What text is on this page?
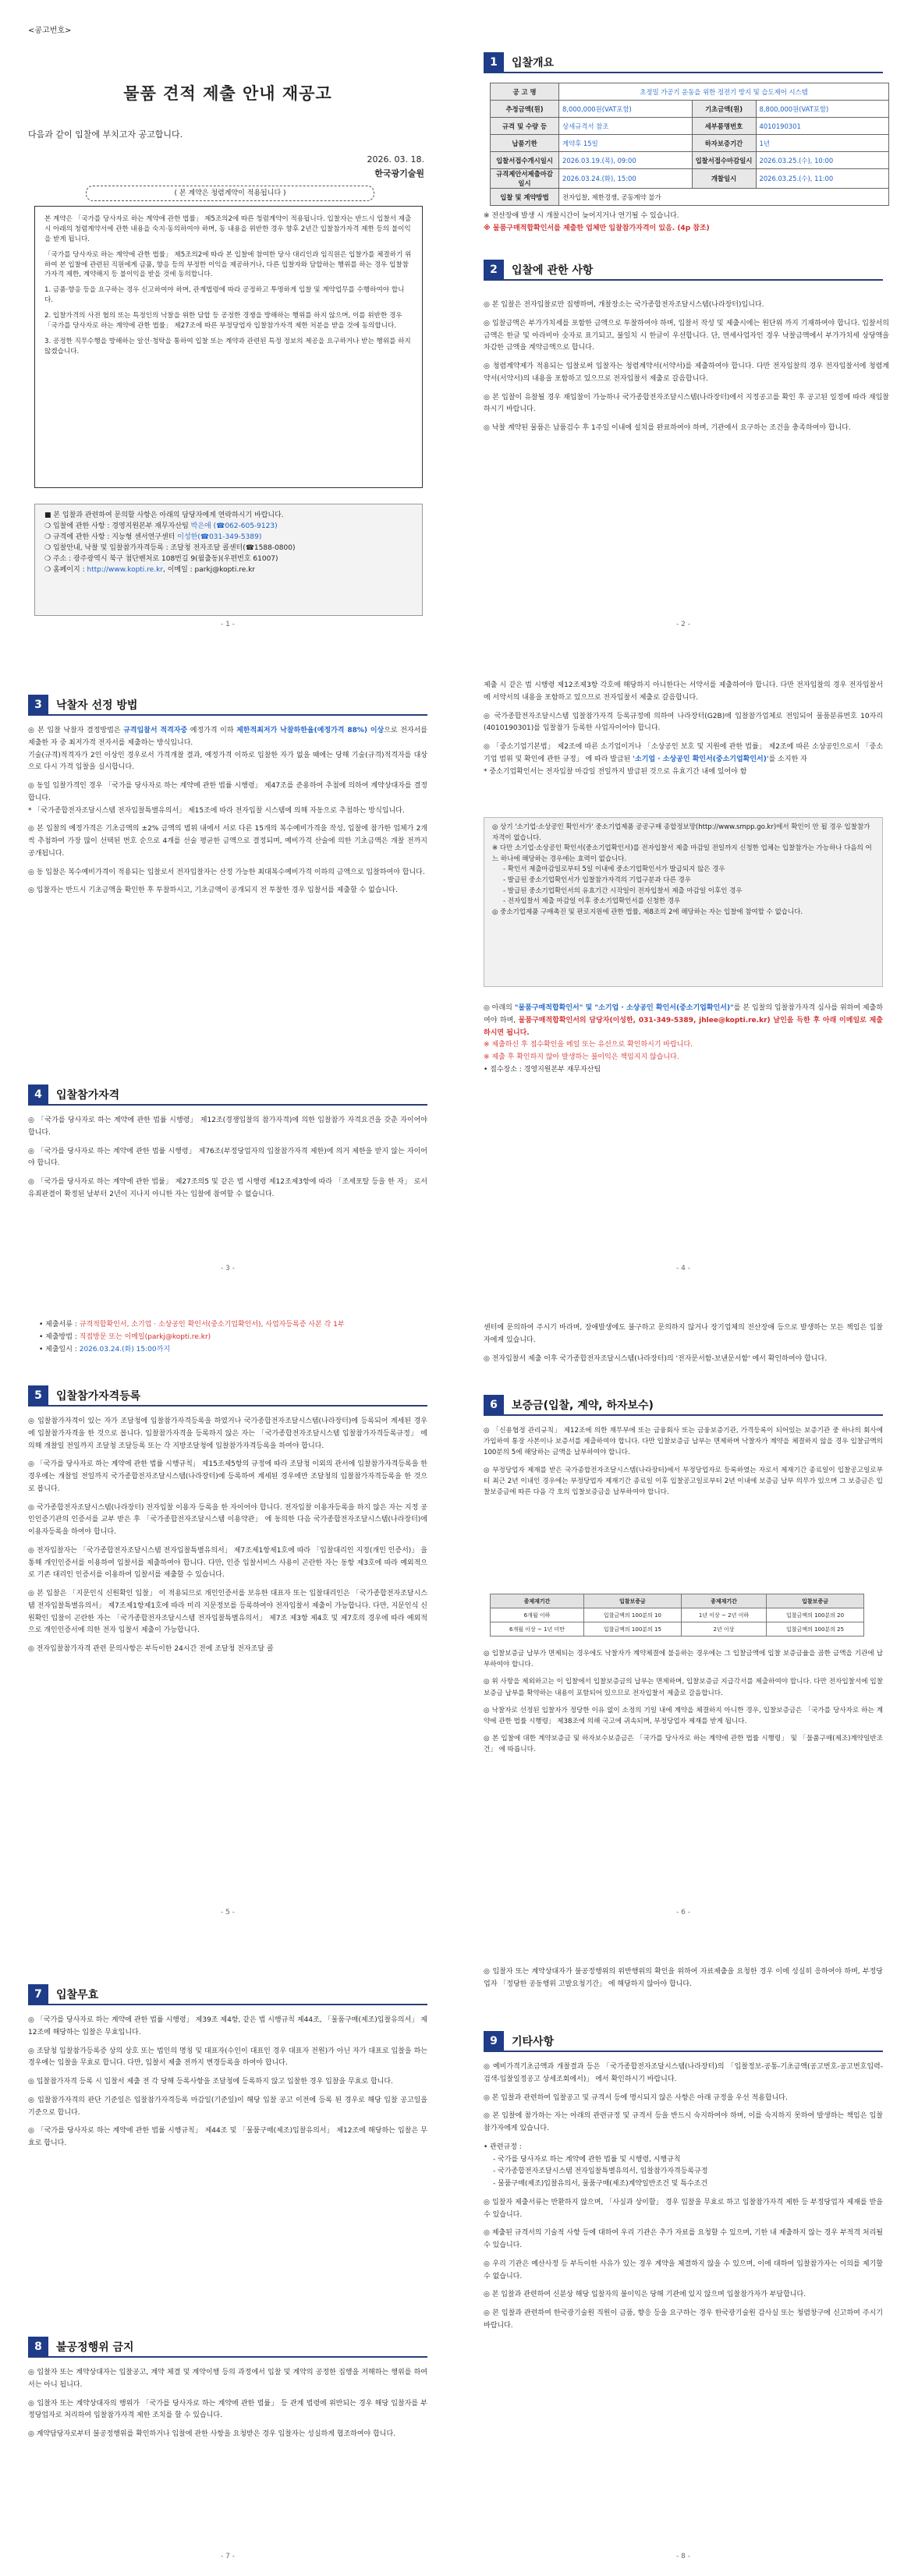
<공고번호>
물품 견적 제출 안내 재공고
다음과 같이 입찰에 부치고자 공고합니다.
2026. 03. 18.
한국광기술원
( 본 계약은 청렴계약이 적용됩니다 )

본 계약은 「국가를 당사자로 하는 계약에 관한 법률」 제5조의2에 따른 청렴계약이 적용됩니다. 입찰자는 반드시 입찰서 제출시 아래의 청렴계약서에 관한 내용을 숙지·동의하여야 하며, 동 내용을 위반한 경우 향후 2년간 입찰참가자격 제한 등의 불이익을 받게 됩니다.

「국가를 당사자로 하는 계약에 관한 법률」 제5조의2에 따라 본 입찰에 참여한 당사 대리인과 임직원은 입찰가를 체결하기 위하여 본 입찰에 관련된 직원에게 금품, 향응 등의 부정한 이익을 제공하거나, 다른 입찰자와 담합하는 행위를 하는 경우 입찰참가자격 제한, 계약해지 등 불이익을 받을 것에 동의합니다.

1. 금품·향응 등을 요구하는 경우 신고하여야 하며, 관계법령에 따라 공정하고 투명하게 입찰 및 계약업무를 수행하여야 합니다.

2. 입찰가격의 사전 협의 또는 특정인의 낙찰을 위한 담합 등 공정한 경쟁을 방해하는 행위를 하지 않으며, 이를 위반한 경우 「국가를 당사자로 하는 계약에 관한 법률」 제27조에 따른 부정당업자 입찰참가자격 제한 처분을 받을 것에 동의합니다.

3. 공정한 직무수행을 방해하는 알선·청탁을 통하여 입찰 또는 계약과 관련된 특정 정보의 제공을 요구하거나 받는 행위를 하지 않겠습니다.

■ 본 입찰과 관련하여 문의할 사항은 아래의 담당자에게 연락하시기 바랍니다.
❍ 입찰에 관한 사항 : 경영지원본부 재무자산팀 박은애 (☎062-605-9123)
❍ 규격에 관한 사항 : 지능형 센서연구센터 이성한(☎031-349-5389)
❍ 입찰안내, 낙찰 및 입찰참가자격등록 : 조달청 전자조달 콜센터(☎1588-0800)
❍ 주소 : 광주광역시 북구 첨단벤처로 108번길 9(월출동)(우편번호 61007)
❍ 홈페이지 : http://www.kopti.re.kr, 이메일 : parkj@kopti.re.kr
- 1 -
1	입찰개요
- 2 -
공 고 명	초정밀 가공기 운동을 위한 정전기 방지 및 습도제어 시스템		
추정금액(원)	8,000,000원(VAT포함)	기초금액(원)	8,800,000원(VAT포함)
규격 및 수량 등	상세규격서 참조	세부품명번호	4010190301
납품기한	계약후 15일	하자보증기간	1년
입찰서접수개시일시	2026.03.19.(목), 09:00	입찰서접수마감일시	2026.03.25.(수), 10:00
규격제안서제출마감일시	2026.03.24.(화), 15:00	개찰일시	2026.03.25.(수), 11:00
입찰 및 계약방법	전자입찰, 제한경쟁, 공동계약 불가		
※ 전산장애 발생 시 개찰시간이 늦어지거나 연기될 수 있습니다.
※ 물품구매적합확인서를 제출한 업체만 입찰참가자격이 있음. (4p 참조)
2	입찰에 관한 사항

◎ 본 입찰은 전자입찰로만 집행하며, 개찰장소는 국가종합전자조달시스템(나라장터)입니다.

◎ 입찰금액은 부가가치세를 포함한 금액으로 투찰하여야 하며, 입찰서 작성 및 제출시에는 원단위 까지 기재하여야 합니다. 입찰서의 금액은 한글 및 아라비아 숫자로 표기되고, 불일치 시 한글이 우선합니다. 단, 면세사업자인 경우 낙찰금액에서 부가가치세 상당액을 차감한 금액을 계약금액으로 합니다.

◎ 청렴계약제가 적용되는 입찰로써 입찰자는 청렴계약서(서약서)를 제출하여야 합니다. 다만 전자입찰의 경우 전자입찰서에 청렴계약서(서약서)의 내용을 포함하고 있으므로 전자입찰서 제출로 갈음합니다.

◎ 본 입찰이 유찰될 경우 재입찰이 가능하나 국가종합전자조달시스템(나라장터)에서 지정공고를 확인 후 공고된 일정에 따라 재입찰하시기 바랍니다.

◎ 낙찰 계약된 물품은 납품검수 후 1주일 이내에 설치를 완료하여야 하며, 기관에서 요구하는 조건을 충족하여야 합니다.

3	낙찰자 선정 방법

◎ 본 입찰 낙찰자 결정방법은 규격입찰서 적격자중 예정가격 이하 제한적최저가 낙찰하한율(예정가격 88%) 이상으로 전자서를 제출한 자 중 최저가격 전자서를 제출하는 방식입니다.
기술(규격)적격자가 2인 이상인 경우로서 가격개찰 결과, 예정가격 이하로 입찰한 자가 없을 때에는 당해 기술(규격)적격자를 대상으로 다시 가격 입찰을 실시합니다.

◎ 동일 입찰가격인 경우 「국가를 당사자로 하는 계약에 관한 법률 시행령」 제47조를 준용하여 추첨에 의하여 계약상대자를 결정합니다.
* 「국가종합전자조달시스템 전자입찰특별유의서」 제15조에 따라 전자입찰 시스템에 의해 자동으로 추첨하는 방식입니다.

◎ 본 입찰의 예정가격은 기초금액의 ±2% 금액의 범위 내에서 서로 다른 15개의 복수예비가격을 작성, 입찰에 참가한 업체가 2개씩 추첨하여 가장 많이 선택된 번호 순으로 4개를 선술 평균한 금액으로 결정되며, 예비가격 산술에 의한 기초금액은 개찰 전까지 공개됩니다.

◎ 동 입찰은 복수예비가격이 적용되는 입찰로서 전자입찰자는 산정 가능한 최대복수예비가격 이하의 금액으로 입찰하여야 합니다.

◎ 입찰자는 반드시 기초금액을 확인한 후 투찰하시고, 기초금액이 공개되지 전 투찰한 경우 입찰서를 제출할 수 없습니다.

4	입찰참가자격

◎ 「국가를 당사자로 하는 계약에 관한 법률 시행령」 제12조(경쟁입찰의 참가자격)에 의한 입찰참가 자격요건을 갖춘 자이어야 합니다.

◎ 「국가를 당사자로 하는 계약에 관한 법률 시행령」 제76조(부정당업자의 입찰참가자격 제한)에 의거 제한을 받지 않는 자이어야 합니다.

◎ 「국가를 당사자로 하는 계약에 관한 법률」 제27조의5 및 같은 법 시행령 제12조제3항에 따라 「조세포탈 등을 한 자」 로서 유죄판결이 확정된 날부터 2년이 지나지 아니한 자는 입찰에 참여할 수 없습니다.

- 3 -

제출 시 같은 법 시행령 제12조제3항 각호에 해당하지 아니한다는 서약서를 제출하여야 합니다. 다만 전자입찰의 경우 전자입찰서에 서약서의 내용을 포함하고 있으므로 전자입찰서 제출로 갈음합니다.

◎ 국가종합전자조달시스템 입찰참가자격 등록규정에 의하여 나라장터(G2B)에 입찰참가업체로 전임되어 물품분류번호 10자리(4010190301)를 입찰참가 등록한 사업자이어야 합니다.

◎ 「중소기업기본법」 제2조에 따른 소기업이거나 「소상공인 보호 및 지원에 관한 법률」 제2조에 따른 소상공인으로서 「중소기업 범위 및 확인에 관한 규정」 에 따라 발급된 '소기업 · 소상공인 확인서(중소기업확인서)'를 소지한 자
* 중소기업확인서는 전자입찰 마감일 전일까지 발급된 것으로 유효기간 내에 있어야 함

◎ 상기 '소기업·소상공인 확인서가' 중소기업제품 공공구매 종합정보망(http://www.smpp.go.kr)에서 확인이 안 될 경우 입찰참가자격이 없습니다.
※ 다만 소기업·소상공인 확인서(중소기업확인서)를 전자입찰서 제출 마감일 전일까지 신청한 업체는 입찰참가는 가능하나 다음의 어느 하나에 해당하는 경우에는 효력이 없습니다.
- 확인서 제출마감일로부터 5일 이내에 중소기업확인서가 발급되지 않은 경우
- 발급된 중소기업확인서가 입찰참가자격의 기업구분과 다른 경우
- 발급된 중소기업확인서의 유효기간 시작일이 전자입찰서 제출 마감일 이후인 경우
- 전자입찰서 제출 마감일 이후 중소기업확인서를 신청한 경우
◎ 중소기업제품 구매촉진 및 판로지원에 관한 법률, 제8조의 2에 해당하는 자는 입찰에 참여할 수 없습니다.

◎ 아래의 "물품구매적합확인서" 및 "소기업 · 소상공인 확인서(중소기업확인서)"를 본 입찰의 입찰참가자격 심사를 위하여 제출하여야 하며, 물품구매적합확인서의 담당자(이성한, 031-349-5389, jhlee@kopti.re.kr) 날인을 득한 후 아래 이메일로 제출하시면 됩니다.
※ 제출하신 후 접수확인을 메일 또는 유선으로 확인하시기 바랍니다.
※ 제출 후 확인하지 않아 발생하는 불이익은 책임지지 않습니다.
• 접수장소 : 경영지원본부 재무자산팀

- 4 -
• 제출서류 : 규격적합확인서, 소기업 · 소상공인 확인서(중소기업확인서), 사업자등록증 사본 각 1부
• 제출방법 : 직접방문 또는 이메일(parkj@kopti.re.kr)
• 제출일시 : 2026.03.24.(화) 15:00까지
5	입찰참가자격등록

◎ 입찰참가자격이 있는 자가 조달청에 입찰참가자격등록을 하였거나 국가종합전자조달시스템(나라장터)에 등록되어 계세된 경우에 입찰참가자격을 한 것으로 봅니다. 입찰참가자격을 등록하지 않은 자는 「국가종합전자조달시스템 입찰참가자격등록규정」 에 의해 개찰일 전일까지 조달청 조달등록 또는 각 지방조달청에 입찰참가자격등록을 하여야 합니다.

◎ 「국가를 당사자로 하는 계약에 관한 법률 시행규칙」 제15조제5항의 규정에 따라 조달청 이외의 관서에 입찰참가자격등록을 한 경우에는 개찰일 전일까지 국가종합전자조달시스템(나라장터)에 등록하여 계세된 경우에만 조달청의 입찰참가자격등록을 한 것으로 봅니다.

◎ 국가종합전자조달시스템(나라장터) 전자입찰 이용자 등록을 한 자이어야 합니다. 전자입찰 이용자등록을 하지 않은 자는 지정 공인인증기관의 인증서를 교부 받은 후 「국가종합전자조달시스템 이용약관」 에 동의한 다음 국가종합전자조달시스템(나라장터)에 이용자등록을 하여야 합니다.

◎ 전자입찰자는 「국가종합전자조달시스템 전자입찰특별유의서」 제7조제1항제1호에 따라 「입찰대리인 지정(개인 인증서)」 을 통해 개인인증서를 이용하여 입찰서를 제출하여야 합니다. 다만, 인증 입찰서비스 사용이 곤란한 자는 동항 제3호에 따라 예외적으로 기존 대리인 인증서를 이용하여 입찰서를 제출할 수 있습니다.

◎ 본 입찰은 「지문인식 신원확인 입찰」 이 적용되므로 개인인증서를 보유한 대표자 또는 입찰대리인은 「국가종합전자조달시스템 전자입찰특별유의서」 제7조제1항제1호에 따라 미리 지문정보를 등록하여야 전자입찰서 제출이 가능합니다. 다만, 지문인식 신원확인 입찰이 곤란한 자는 「국가종합전자조달시스템 전자입찰특별유의서」 제7조 제3항 제4호 및 제7호의 경우에 따라 예외적으로 개인인증서에 의한 전자 입찰서 제출이 가능합니다.

◎ 전자입찰참가자격 관련 문의사항은 부득이한 24시간 전에 조달청 전자조달 콜

- 5 -

센터에 문의하여 주시기 바라며, 장애발생에도 불구하고 문의하지 않거나 장기업체의 전산장애 등으로 발생하는 모든 책임은 입찰자에게 있습니다.

◎ 전자입찰서 제출 이후 국가종합전자조달시스템(나라장터)의 '전자문서함-보낸문서함' 에서 확인하여야 합니다.

6	보증금(입찰, 계약, 하자보수)

◎ 「신용협정 관리규칙」 제12조에 의한 재무부에 또는 금융회사 또는 금융보증기관, 가격등록이 되어있는 보증기관 중 하나의 회사에 가입하여 통장 사본이나 보증서를 제출하여야 합니다. 다만 입찰보증금 납부는 면제하며 낙찰자가 계약을 체결하지 않을 경우 입찰금액의 100분의 5에 해당하는 금액을 납부하여야 합니다.

◎ 부정당업자 제재를 받은 국가종합전자조달시스템(나라장터)에서 부정당업자로 등록하였는 자로서 제재기간 종료일이 입찰공고일로부터 최근 2년 이내인 경우에는 부정당업자 제재기간 종료일 이후 입찰공고일로부터 2년 이내에 보증금 납부 의무가 있으며 그 보증금은 입찰보증금에 따른 다음 각 호의 입찰보증금을 납부하여야 합니다.

◎ 입찰보증금 납부가 면제되는 경우에도 낙찰자가 계약체결에 불응하는 경우에는 그 입찰금액에 입찰 보증금율을 곱한 금액을 기관에 납부하여야 합니다.

◎ 위 사항을 제외하고는 이 입찰에서 입찰보증금의 납부는 면제하며, 입찰보증금 지급각서를 제출하여야 합니다. 다만 전자입찰서에 입찰보증금 납부를 확약하는 내용이 포함되어 있으므로 전자입찰서 제출로 갈음합니다.

◎ 낙찰자로 선정된 입찰자가 정당한 이유 없이 소정의 기일 내에 계약을 체결하지 아니한 경우, 입찰보증금은 「국가를 당사자로 하는 계약에 관한 법률 시행령」 제38조에 의해 국고에 귀속되며, 부정당업자 제재를 받게 됩니다.

◎ 본 입찰에 대한 계약보증금 및 하자보수보증금은 「국가를 당사자로 하는 계약에 관한 법률 시행령」 및 「물품구매(제조)계약일반조건」 에 따릅니다.

- 6 -
종제재기간	입찰보증금	종제재기간	입찰보증금
6개월 이하	입찰금액의 100분의 10	1년 이상 ~ 2년 이하	입찰금액의 100분의 20
6개월 이상 ~ 1년 미만	입찰금액의 100분의 15	2년 이상	입찰금액의 100분의 25
7	입찰무효

◎ 「국가를 당사자로 하는 계약에 관한 법률 시행령」 제39조 제4항, 같은 법 시행규칙 제44조, 「물품구매(제조)입찰유의서」 제12조에 해당하는 입찰은 무효입니다.

◎ 조달청 입찰참가등록증 상의 상호 또는 법인의 명칭 및 대표자(수인이 대표인 경우 대표자 전원)가 아닌 자가 대표로 입찰을 하는 경우에는 입찰을 무효로 합니다. 다만, 입찰서 제출 전까지 변경등록을 하여야 합니다.

◎ 입찰참가자격 등록 시 입찰서 제출 전 각 당해 등록사항을 조달청에 등록하지 않고 입찰한 경우 입찰을 무효로 합니다.

◎ 입찰참가자격의 판단 기준일은 입찰참가자격등록 마감일(기준일)이 해당 입찰 공고 이전에 등록 된 경우로 해당 입찰 공고일을 기준으로 합니다.

◎ 「국가를 당사자로 하는 계약에 관한 법률 시행규칙」 제44조 및 「물품구매(제조)입찰유의서」 제12조에 해당하는 입찰은 무효로 합니다.

8	불공정행위 금지

◎ 입찰자 또는 계약상대자는 입찰공고, 계약 체결 및 계약이행 등의 과정에서 입찰 및 계약의 공정한 집행을 저해하는 행위를 하여서는 아니 됩니다.

◎ 입찰자 또는 계약상대자의 행위가 「국가를 당사자로 하는 계약에 관한 법률」 등 관계 법령에 위반되는 경우 해당 입찰자를 부정당업자로 처리하여 입찰참가자격 제한 조치를 할 수 있습니다.

◎ 계약담당자로부터 불공정행위를 확인하거나 입찰에 관한 사항을 요청받은 경우 입찰자는 성실하게 협조하여야 합니다.

- 7 -

◎ 입찰자 또는 계약상대자가 불공정행위의 위반행위의 확인을 위하여 자료제출을 요청한 경우 이에 성실히 응하여야 하며, 부정당업자 「정당한 공동행위 고발요청기간」 에 해당하지 않아야 합니다.

9	기타사항

◎ 예비가격기초금액과 개찰결과 등은 「국가종합전자조달시스템(나라장터)의 「입찰정보-공통-기초금액(공고번호-공고번호입력-검색-입찰일정공고 상세조회에서)」 에서 확인하시기 바랍니다.

◎ 본 입찰과 관련하여 입찰공고 및 규격서 등에 명시되지 않은 사항은 아래 규정을 우선 적용합니다.

◎ 본 입찰에 참가하는 자는 아래의 관련규정 및 규격서 등을 반드시 숙지하여야 하며, 이를 숙지하지 못하여 발생하는 책임은 입찰참가자에게 있습니다.

• 관련규정 :
- 국가를 당사자로 하는 계약에 관한 법률 및 시행령, 시행규칙
- 국가종합전자조달시스템 전자입찰특별유의서, 입찰참가자격등록규정
- 물품구매(제조)입찰유의서, 물품구매(제조)계약일반조건 및 특수조건

◎ 입찰자 제출서류는 반환하지 않으며, 「사실과 상이할」 경우 입찰을 무효로 하고 입찰참가자격 제한 등 부정당업자 제재를 받을 수 있습니다.

◎ 제출된 규격서의 기술적 사항 등에 대하여 우리 기관은 추가 자료를 요청할 수 있으며, 기한 내 제출하지 않는 경우 부적격 처리될 수 있습니다.

◎ 우리 기관은 예산사정 등 부득이한 사유가 있는 경우 계약을 체결하지 않을 수 있으며, 이에 대하여 입찰참가자는 이의를 제기할 수 없습니다.

◎ 본 입찰과 관련하여 신분상 해당 입찰자의 불이익은 당해 기관에 있지 않으며 입찰참가자가 부담합니다.

◎ 본 입찰과 관련하여 한국광기술원 직원이 금품, 향응 등을 요구하는 경우 한국광기술원 감사실 또는 청렴창구에 신고하여 주시기 바랍니다.

- 8 -
